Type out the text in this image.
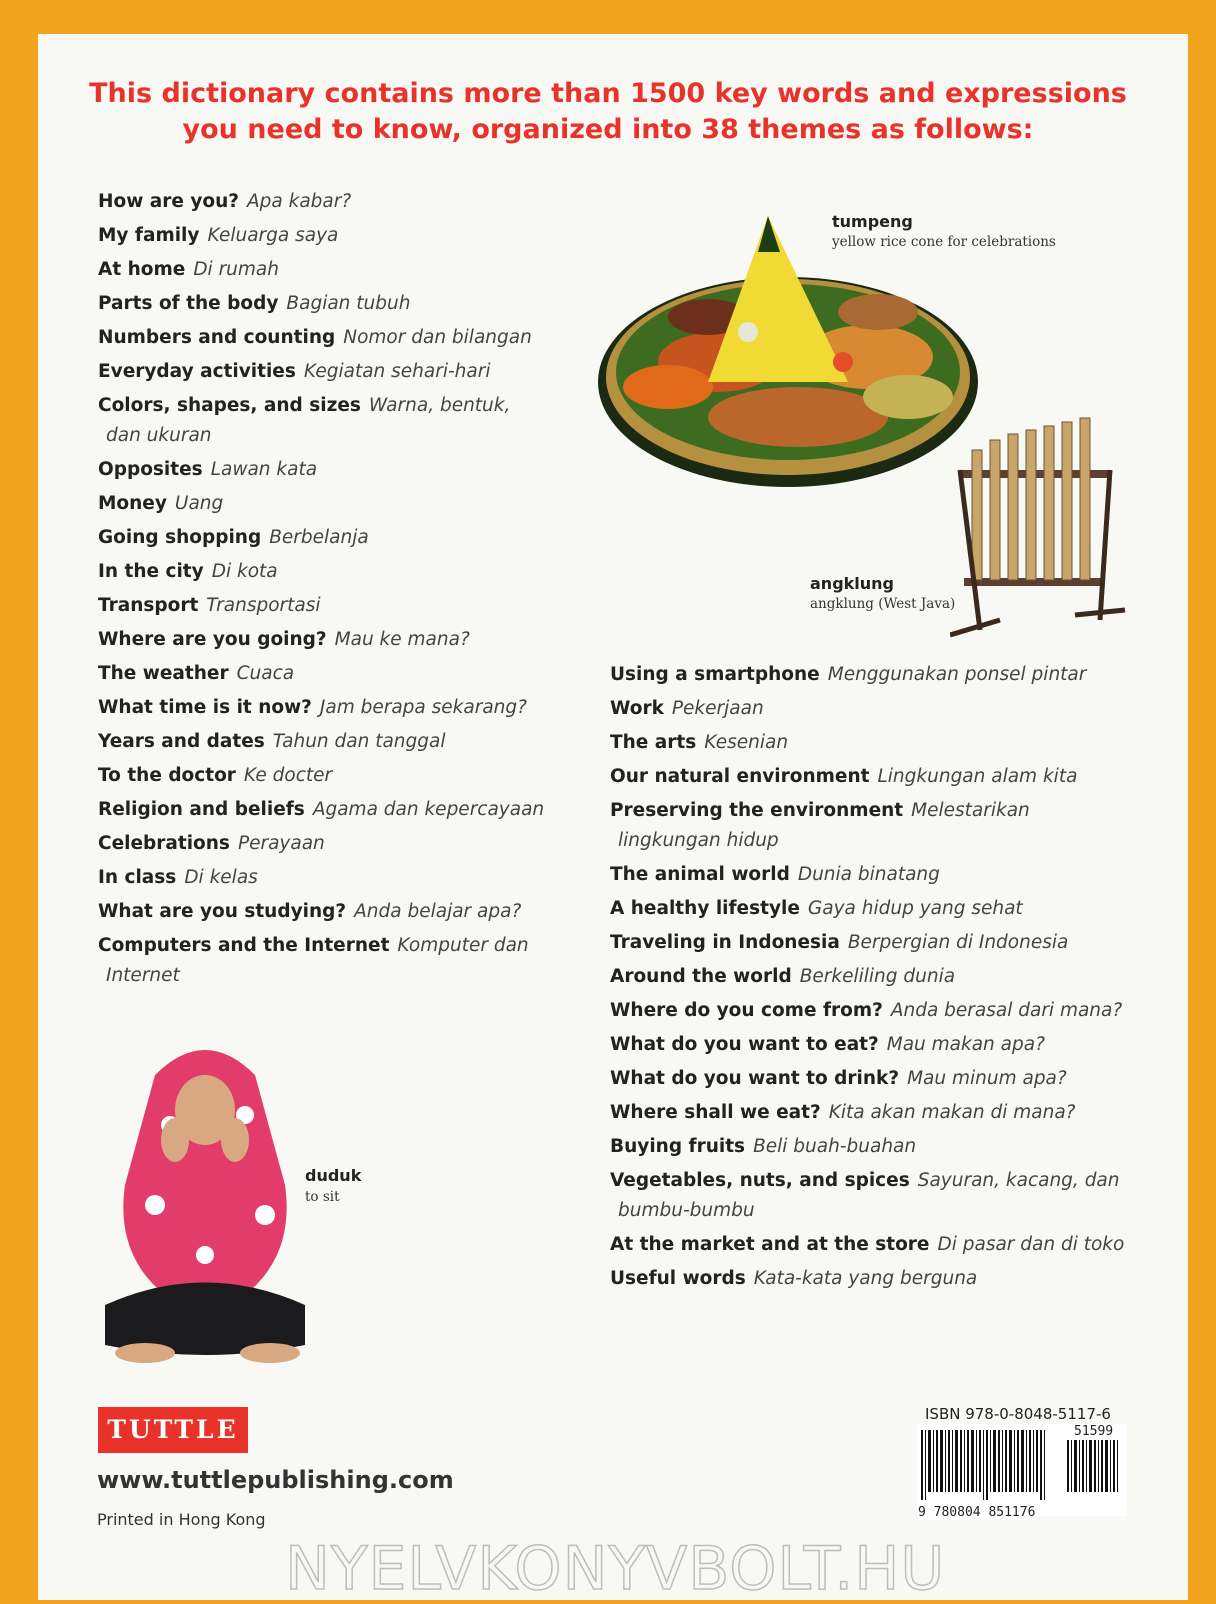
This dictionary contains more than 1500 key words and expressions
you need to know, organized into 38 themes as follows:
How are you? Apa kabar?
My family Keluarga saya
At home Di rumah
Parts of the body Bagian tubuh
Numbers and counting Nomor dan bilangan
Everyday activities Kegiatan sehari-hari
Colors, shapes, and sizes Warna, bentuk,
dan ukuran
Opposites Lawan kata
Money Uang
Going shopping Berbelanja
In the city Di kota
Transport Transportasi
Where are you going? Mau ke mana?
The weather Cuaca
What time is it now? Jam berapa sekarang?
Years and dates Tahun dan tanggal
To the doctor Ke docter
Religion and beliefs Agama dan kepercayaan
Celebrations Perayaan
In class Di kelas
What are you studying? Anda belajar apa?
Computers and the Internet Komputer dan
Internet
Using a smartphone Menggunakan ponsel pintar
Work Pekerjaan
The arts Kesenian
Our natural environment Lingkungan alam kita
Preserving the environment Melestarikan
lingkungan hidup
The animal world Dunia binatang
A healthy lifestyle Gaya hidup yang sehat
Traveling in Indonesia Berpergian di Indonesia
Around the world Berkeliling dunia
Where do you come from? Anda berasal dari mana?
What do you want to eat? Mau makan apa?
What do you want to drink? Mau minum apa?
Where shall we eat? Kita akan makan di mana?
Buying fruits Beli buah-buahan
Vegetables, nuts, and spices Sayuran, kacang, dan
bumbu-bumbu
At the market and at the store Di pasar dan di toko
Useful words Kata-kata yang berguna
tumpeng
yellow rice cone for celebrations
angklung
angklung (West Java)
duduk
to sit
TUTTLE
www.tuttlepublishing.com
Printed in Hong Kong
ISBN 978-0-8048-5117-6
51599
9 780804 851176
NYELVKONYVBOLT.HU
